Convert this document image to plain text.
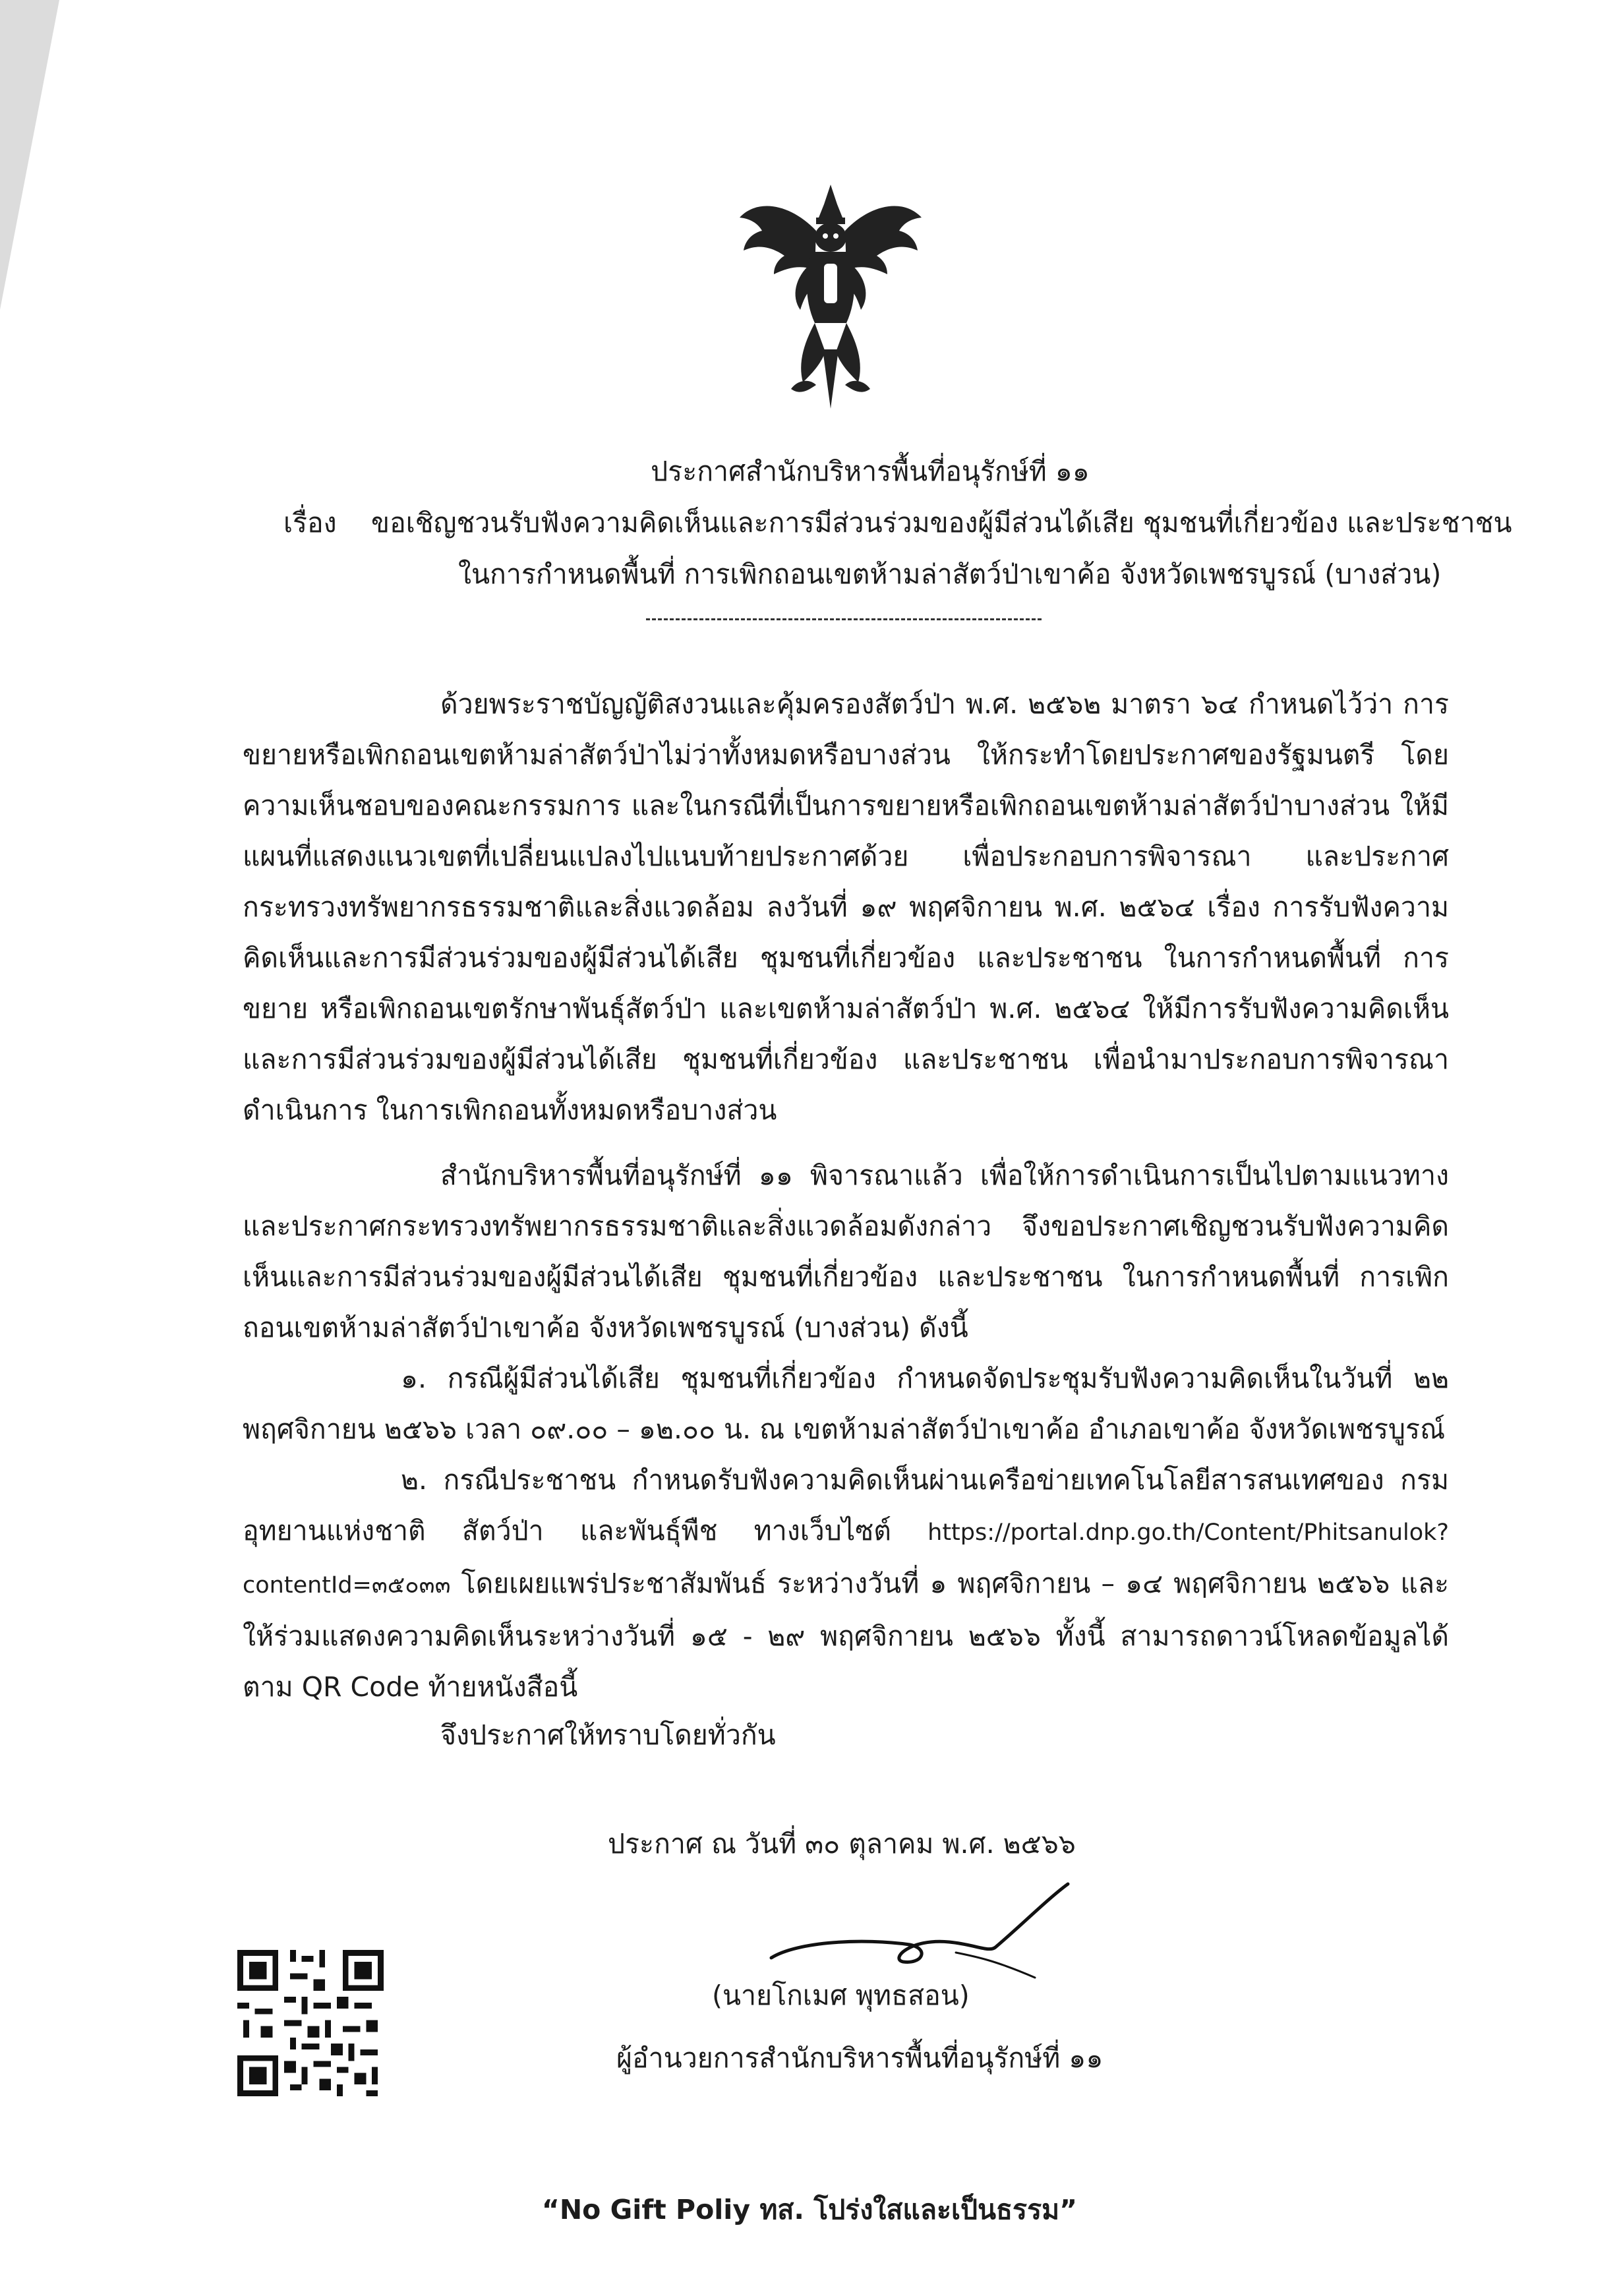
ประกาศสำนักบริหารพื้นที่อนุรักษ์ที่ ๑๑
เรื่อง ขอเชิญชวนรับฟังความคิดเห็นและการมีส่วนร่วมของผู้มีส่วนได้เสีย ชุมชนที่เกี่ยวข้อง และประชาชน
ในการกำหนดพื้นที่ การเพิกถอนเขตห้ามล่าสัตว์ป่าเขาค้อ จังหวัดเพชรบูรณ์ (บางส่วน)

ด้วยพระราชบัญญัติสงวนและคุ้มครองสัตว์ป่า พ.ศ. ๒๕๖๒ มาตรา ๖๔ กำหนดไว้ว่า การขยายหรือเพิกถอนเขตห้ามล่าสัตว์ป่าไม่ว่าทั้งหมดหรือบางส่วน ให้กระทำโดยประกาศของรัฐมนตรี โดยความเห็นชอบของคณะกรรมการ และในกรณีที่เป็นการขยายหรือเพิกถอนเขตห้ามล่าสัตว์ป่าบางส่วน ให้มีแผนที่แสดงแนวเขตที่เปลี่ยนแปลงไปแนบท้ายประกาศด้วย เพื่อประกอบการพิจารณา และประกาศกระทรวงทรัพยากรธรรมชาติและสิ่งแวดล้อม ลงวันที่ ๑๙ พฤศจิกายน พ.ศ. ๒๕๖๔ เรื่อง การรับฟังความคิดเห็นและการมีส่วนร่วมของผู้มีส่วนได้เสีย ชุมชนที่เกี่ยวข้อง และประชาชน ในการกำหนดพื้นที่ การขยาย หรือเพิกถอนเขตรักษาพันธุ์สัตว์ป่า และเขตห้ามล่าสัตว์ป่า พ.ศ. ๒๕๖๔ ให้มีการรับฟังความคิดเห็นและการมีส่วนร่วมของผู้มีส่วนได้เสีย ชุมชนที่เกี่ยวข้อง และประชาชน เพื่อนำมาประกอบการพิจารณาดำเนินการ ในการเพิกถอนทั้งหมดหรือบางส่วน

สำนักบริหารพื้นที่อนุรักษ์ที่ ๑๑ พิจารณาแล้ว เพื่อให้การดำเนินการเป็นไปตามแนวทางและประกาศกระทรวงทรัพยากรธรรมชาติและสิ่งแวดล้อมดังกล่าว จึงขอประกาศเชิญชวนรับฟังความคิดเห็นและการมีส่วนร่วมของผู้มีส่วนได้เสีย ชุมชนที่เกี่ยวข้อง และประชาชน ในการกำหนดพื้นที่ การเพิกถอนเขตห้ามล่าสัตว์ป่าเขาค้อ จังหวัดเพชรบูรณ์ (บางส่วน) ดังนี้

๑. กรณีผู้มีส่วนได้เสีย ชุมชนที่เกี่ยวข้อง กำหนดจัดประชุมรับฟังความคิดเห็นในวันที่ ๒๒ พฤศจิกายน ๒๕๖๖ เวลา ๐๙.๐๐ – ๑๒.๐๐ น. ณ เขตห้ามล่าสัตว์ป่าเขาค้อ อำเภอเขาค้อ จังหวัดเพชรบูรณ์

๒. กรณีประชาชน กำหนดรับฟังความคิดเห็นผ่านเครือข่ายเทคโนโลยีสารสนเทศของ กรมอุทยานแห่งชาติ สัตว์ป่า และพันธุ์พืช ทางเว็บไซต์ https://portal.dnp.go.th/Content/Phitsanulok?contentId=๓๕๐๓๓ โดยเผยแพร่ประชาสัมพันธ์ ระหว่างวันที่ ๑ พฤศจิกายน – ๑๔ พฤศจิกายน ๒๕๖๖ และให้ร่วมแสดงความคิดเห็นระหว่างวันที่ ๑๕ - ๒๙ พฤศจิกายน ๒๕๖๖ ทั้งนี้ สามารถดาวน์โหลดข้อมูลได้ตาม QR Code ท้ายหนังสือนี้

จึงประกาศให้ทราบโดยทั่วกัน
ประกาศ ณ วันที่ ๓๐ ตุลาคม พ.ศ. ๒๕๖๖
(นายโกเมศ พุทธสอน)
ผู้อำนวยการสำนักบริหารพื้นที่อนุรักษ์ที่ ๑๑
“No Gift Poliy ทส. โปร่งใสและเป็นธรรม”
